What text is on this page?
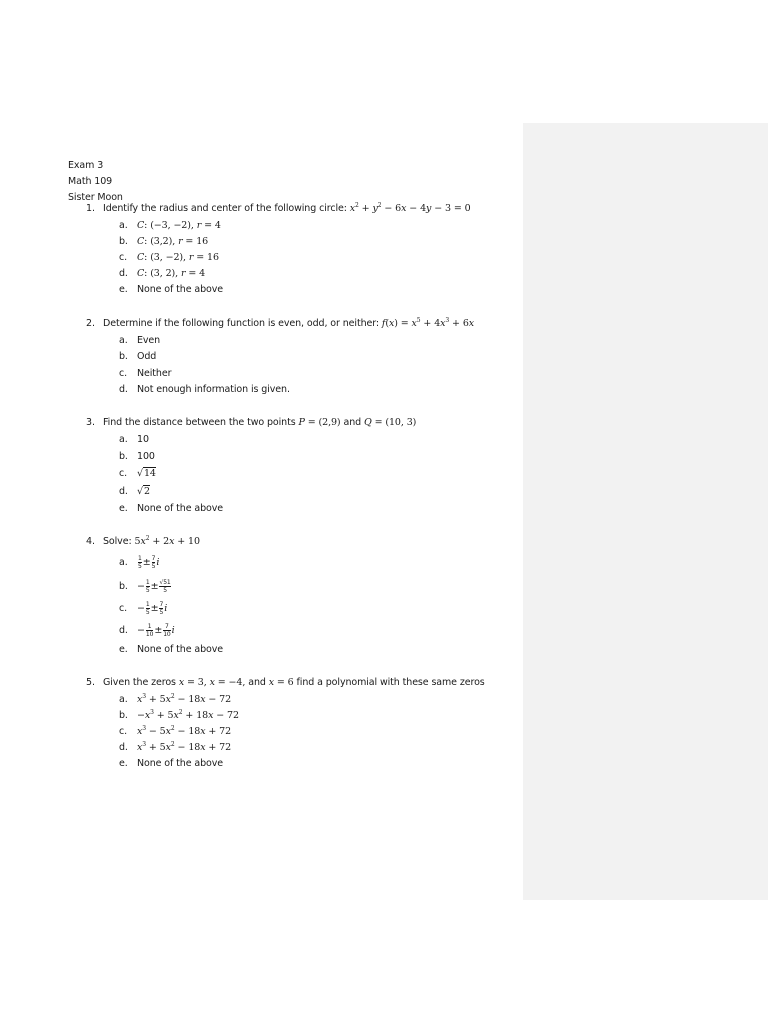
Exam 3
Math 109
Sister Moon
1. Identify the radius and center of the following circle: $x^2 + y^2 - 6x - 4y - 3 = 0$
a. C: (−3, −2), r = 4
b. C: (3,2), r = 16
c. C: (3, −2), r = 16
d. C: (3, 2), r = 4
e. None of the above
2. Determine if the following function is even, odd, or neither: $f(x) = x^5 + 4x^3 + 6x$
a. Even
b. Odd
c. Neither
d. Not enough information is given.
3. Find the distance between the two points P = (2,9) and Q = (10, 3)
a. 10
b. 100
c. √14
d. √2
e. None of the above
4. Solve: $5x^2 + 2x + 10$
a. $\frac{1}{5} \pm \frac{7}{5}$ i
b. − $\frac{1}{5} \pm \frac{√51}{5}$
c. − $\frac{1}{5} \pm \frac{7}{5}$ i
d. − $\frac{1}{10} \pm \frac{7}{10}$ i
e. None of the above
5. Given the zeros x = 3, x = −4, and x = 6 find a polynomial with these same zeros
a. $x^3 + 5x^2 - 18x - 72$
b. $-x^3 + 5x^2 + 18x - 72$
c. $x^3 - 5x^2 - 18x + 72$
d. $x^3 + 5x^2 - 18x + 72$
e. None of the above
